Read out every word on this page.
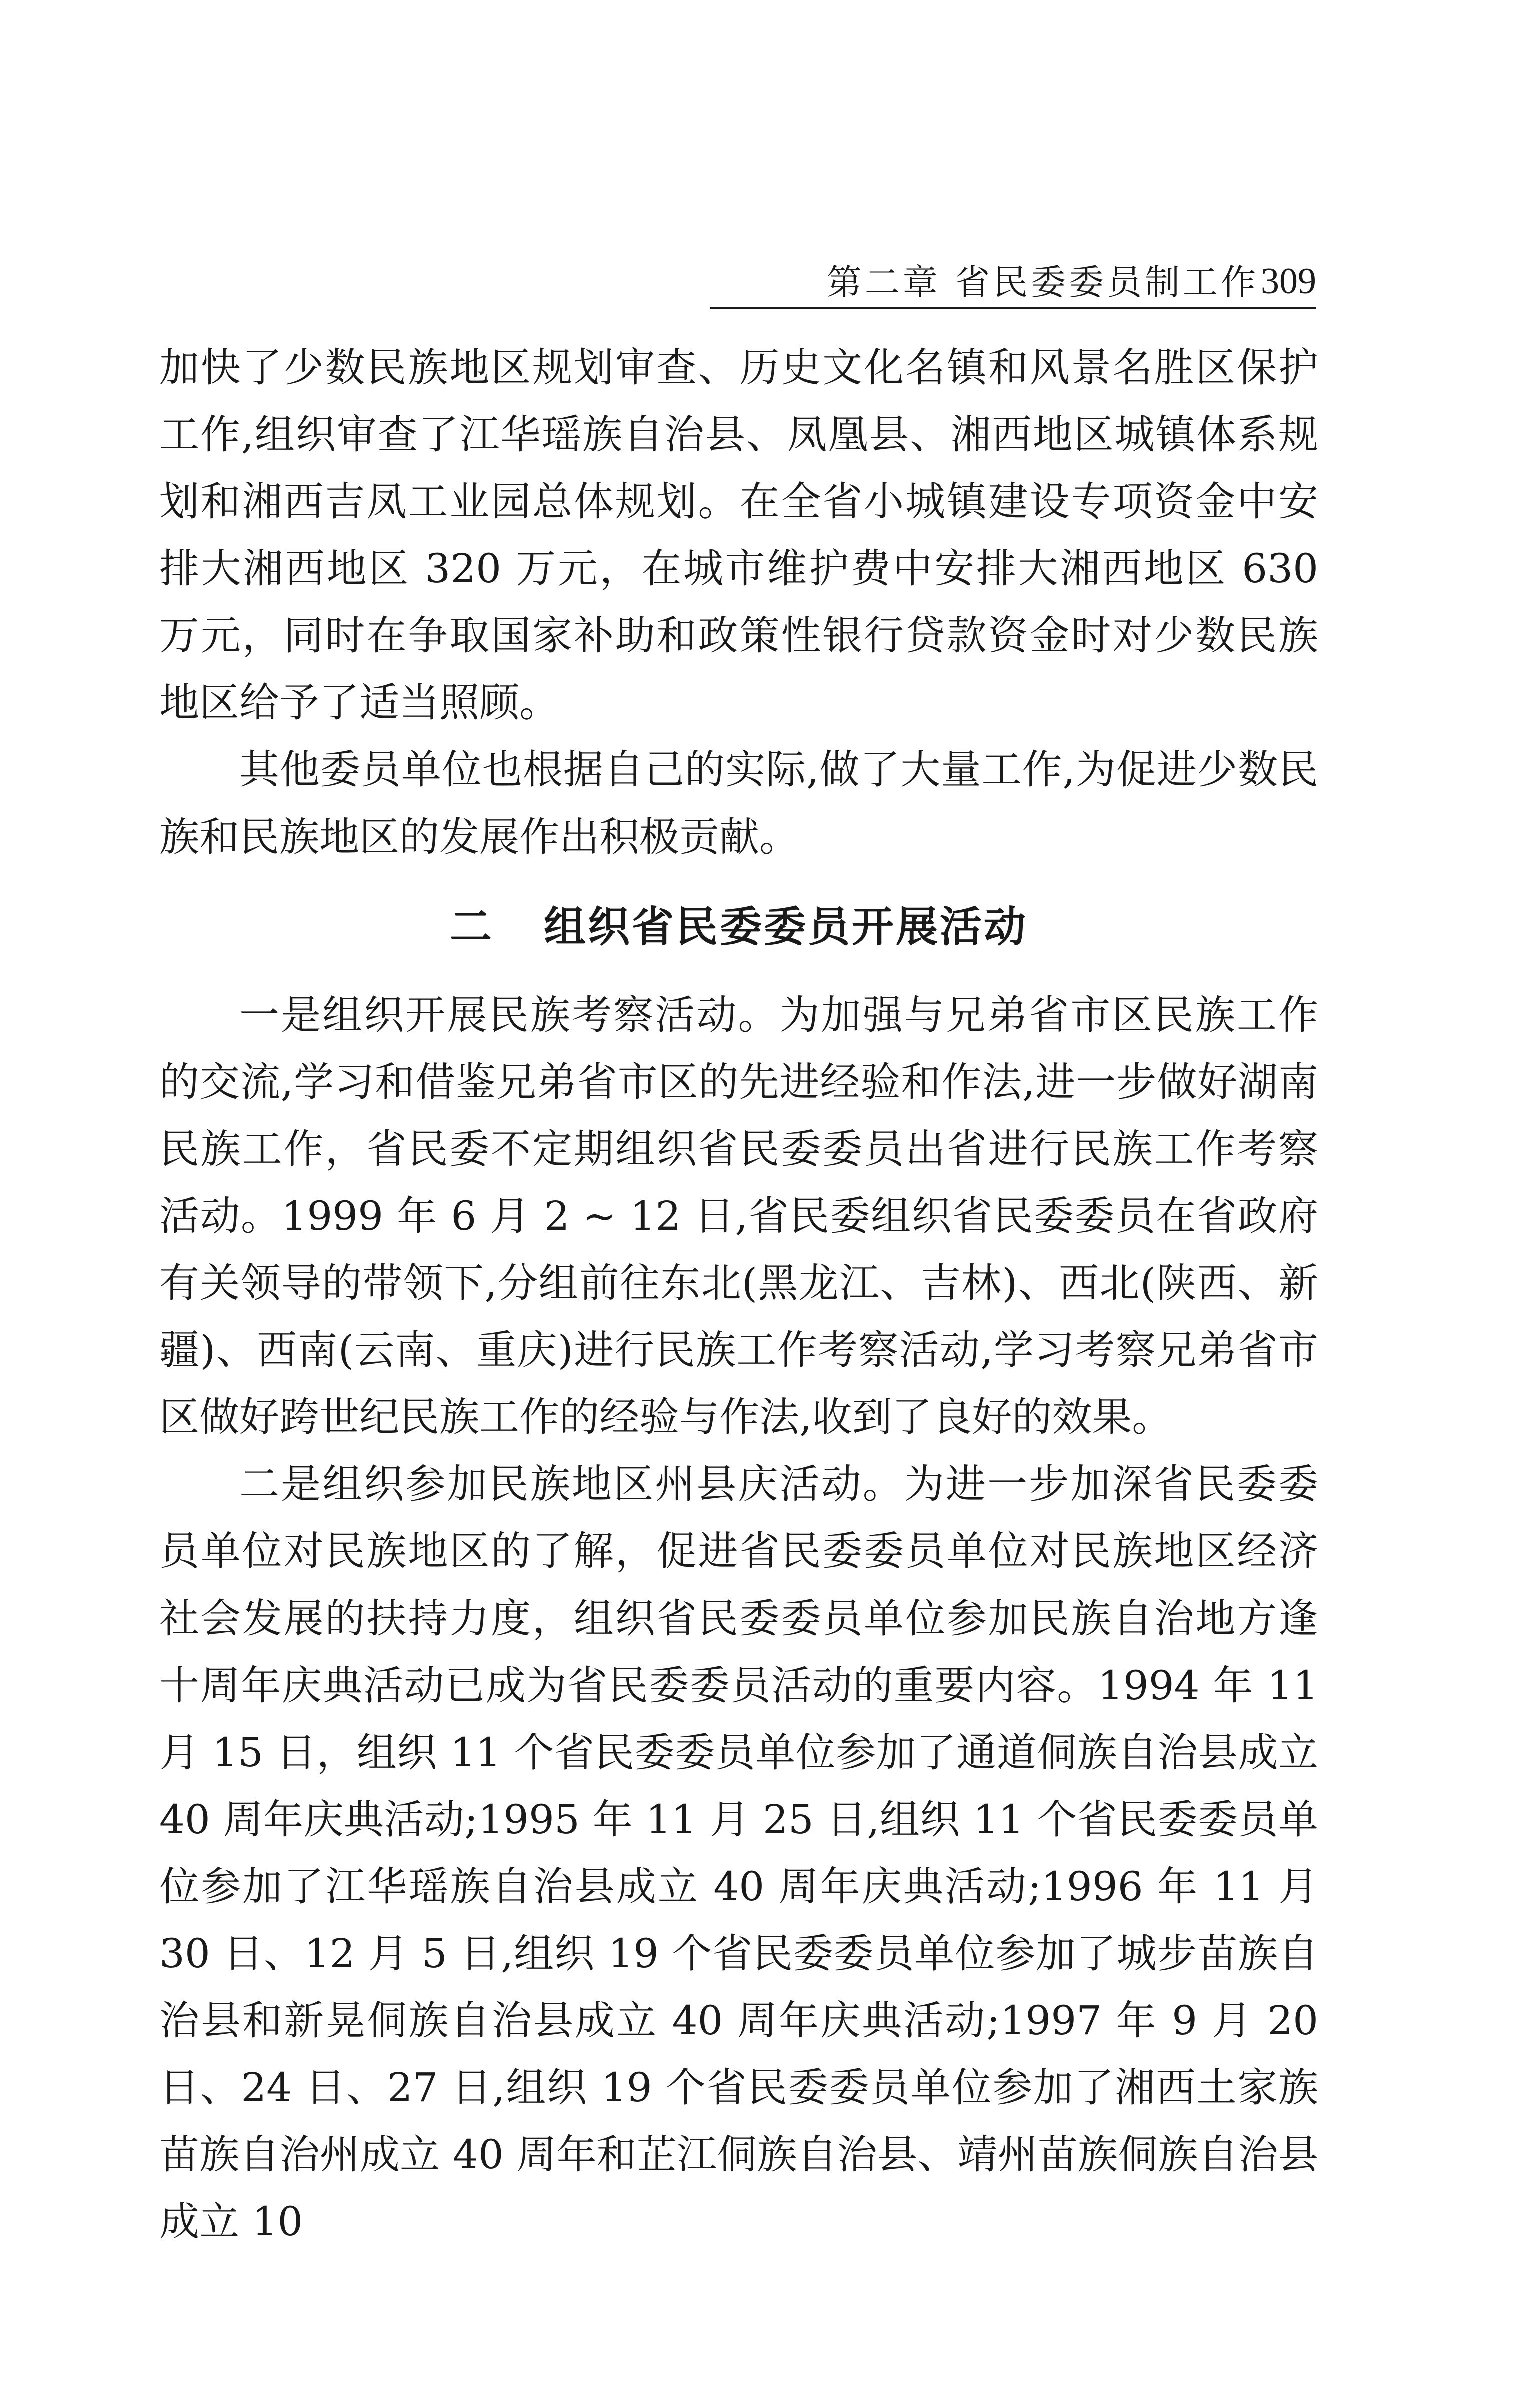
第二章 省民委委员制工作 309

加快了少数民族地区规划审查、历史文化名镇和风景名胜区保护工作,组织审查了江华瑶族自治县、凤凰县、湘西地区城镇体系规划和湘西吉凤工业园总体规划。在全省小城镇建设专项资金中安排大湘西地区 320 万元，在城市维护费中安排大湘西地区 630 万元，同时在争取国家补助和政策性银行贷款资金时对少数民族地区给予了适当照顾。

其他委员单位也根据自己的实际,做了大量工作,为促进少数民族和民族地区的发展作出积极贡献。

二 组织省民委委员开展活动

一是组织开展民族考察活动。为加强与兄弟省市区民族工作的交流,学习和借鉴兄弟省市区的先进经验和作法,进一步做好湖南民族工作，省民委不定期组织省民委委员出省进行民族工作考察活动。1999 年 6 月 2 ~ 12 日,省民委组织省民委委员在省政府有关领导的带领下,分组前往东北(黑龙江、吉林)、西北(陕西、新疆)、西南(云南、重庆)进行民族工作考察活动,学习考察兄弟省市区做好跨世纪民族工作的经验与作法,收到了良好的效果。

二是组织参加民族地区州县庆活动。为进一步加深省民委委员单位对民族地区的了解，促进省民委委员单位对民族地区经济社会发展的扶持力度，组织省民委委员单位参加民族自治地方逢十周年庆典活动已成为省民委委员活动的重要内容。1994 年 11 月 15 日，组织 11 个省民委委员单位参加了通道侗族自治县成立 40 周年庆典活动;1995 年 11 月 25 日,组织 11 个省民委委员单位参加了江华瑶族自治县成立 40 周年庆典活动;1996 年 11 月 30 日、12 月 5 日,组织 19 个省民委委员单位参加了城步苗族自治县和新晃侗族自治县成立 40 周年庆典活动;1997 年 9 月 20 日、24 日、27 日,组织 19 个省民委委员单位参加了湘西土家族苗族自治州成立 40 周年和芷江侗族自治县、靖州苗族侗族自治县成立 10
